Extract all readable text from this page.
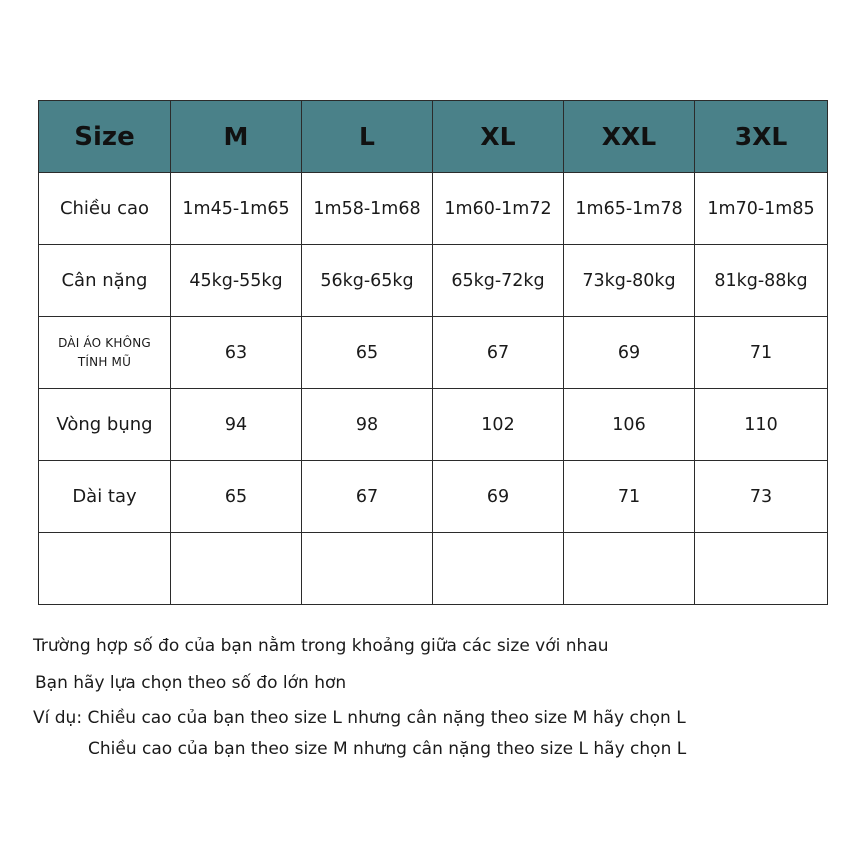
Size	M	L	XL	XXL	3XL
Chiều cao	1m45-1m65	1m58-1m68	1m60-1m72	1m65-1m78	1m70-1m85
Cân nặng	45kg-55kg	56kg-65kg	65kg-72kg	73kg-80kg	81kg-88kg
DÀI ÁO KHÔNG
TÍNH MŨ	63	65	67	69	71
Vòng bụng	94	98	102	106	110
Dài tay	65	67	69	71	73

Trường hợp số đo của bạn nằm trong khoảng giữa các size với nhau
Bạn hãy lựa chọn theo số đo lớn hơn
Ví dụ: Chiều cao của bạn theo size L nhưng cân nặng theo size M hãy chọn L
Chiều cao của bạn theo size M nhưng cân nặng theo size L hãy chọn L
